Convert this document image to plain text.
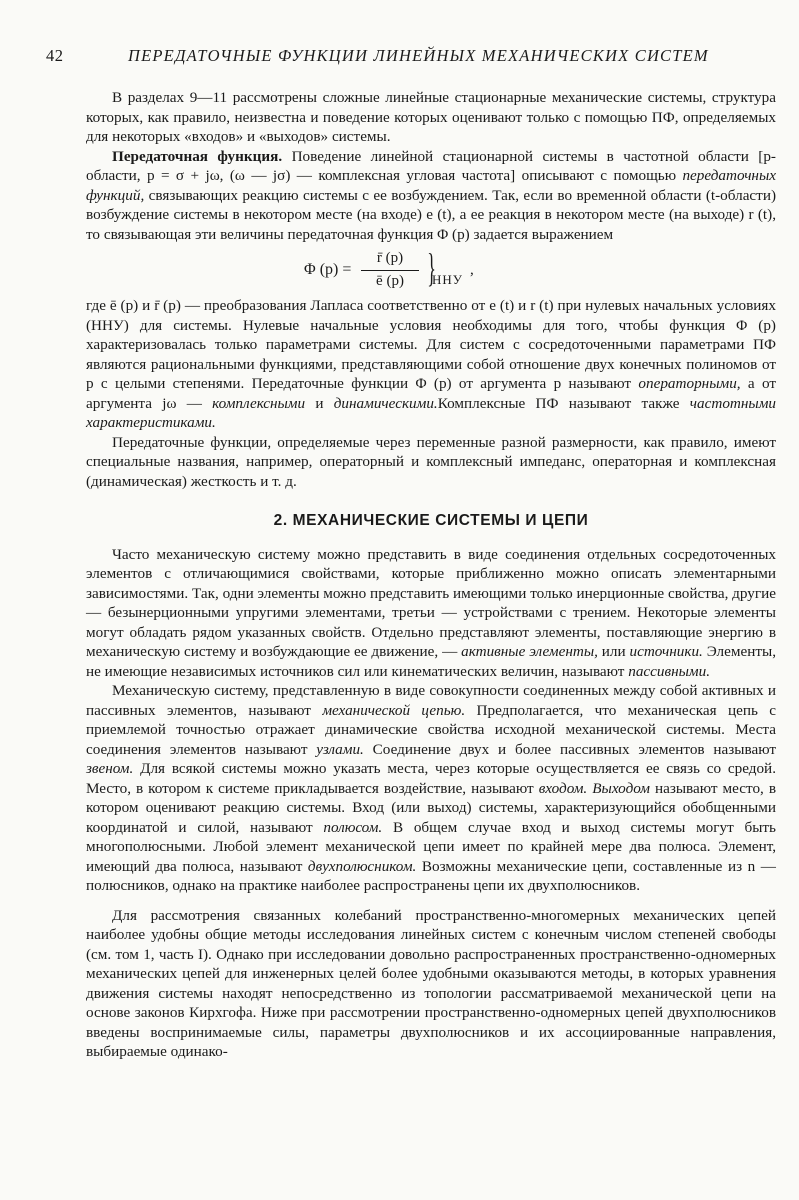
42	ПЕРЕДАТОЧНЫЕ ФУНКЦИИ ЛИНЕЙНЫХ МЕХАНИЧЕСКИХ СИСТЕМ

В разделах 9—11 рассмотрены сложные линейные стационарные механические системы, структура которых, как правило, неизвестна и поведение которых оценивают только с помощью ПФ, определяемых для некоторых «входов» и «выходов» системы.

Передаточная функция. Поведение линейной стационарной системы в частотной области [p-области, p = σ + jω, (ω — jσ) — комплексная угловая частота] описывают с помощью передаточных функций, связывающих реакцию системы с ее возбуждением. Так, если во временной области (t-области) возбуждение системы в некотором месте (на входе) e (t), а ее реакция в некотором месте (на выходе) r (t), то связывающая эти величины передаточная функция Φ (p) задается выражением

Φ $(p) = \frac{r̄ (p)}{ē (p)}$ }
ННУ
,

где ē (p) и r̄ (p) — преобразования Лапласа соответственно от e (t) и r (t) при нулевых начальных условиях (ННУ) для системы. Нулевые начальные условия необходимы для того, чтобы функция Φ (p) характеризовалась только параметрами системы. Для систем с сосредоточенными параметрами ПФ являются рациональными функциями, представляющими собой отношение двух конечных полиномов от p с целыми степенями. Передаточные функции Φ (p) от аргумента p называют операторными, а от аргумента jω — комплексными и динамическими.Комплексные ПФ называют также частотными характеристиками.

Передаточные функции, определяемые через переменные разной размерности, как правило, имеют специальные названия, например, операторный и комплексный импеданс, операторная и комплексная (динамическая) жесткость и т. д.

2. МЕХАНИЧЕСКИЕ СИСТЕМЫ И ЦЕПИ

Часто механическую систему можно представить в виде соединения отдельных сосредоточенных элементов с отличающимися свойствами, которые приближенно можно описать элементарными зависимостями. Так, одни элементы можно представить имеющими только инерционные свойства, другие — безынерционными упругими элементами, третьи — устройствами с трением. Некоторые элементы могут обладать рядом указанных свойств. Отдельно представляют элементы, поставляющие энергию в механическую систему и возбуждающие ее движение, — активные элементы, или источники. Элементы, не имеющие независимых источников сил или кинематических величин, называют пассивными.

Механическую систему, представленную в виде совокупности соединенных между собой активных и пассивных элементов, называют механической цепью. Предполагается, что механическая цепь с приемлемой точностью отражает динамические свойства исходной механической системы. Места соединения элементов называют узлами. Соединение двух и более пассивных элементов называют звеном. Для всякой системы можно указать места, через которые осуществляется ее связь со средой. Место, в котором к системе прикладывается воздействие, называют входом. Выходом называют место, в котором оценивают реакцию системы. Вход (или выход) системы, характеризующийся обобщенными координатой и силой, называют полюсом. В общем случае вход и выход системы могут быть многополюсными. Любой элемент механической цепи имеет по крайней мере два полюса. Элемент, имеющий два полюса, называют двухполюсником. Возможны механические цепи, составленные из n — полюсников, однако на практике наиболее распространены цепи их двухполюсников.

Для рассмотрения связанных колебаний пространственно-многомерных механических цепей наиболее удобны общие методы исследования линейных систем с конечным числом степеней свободы (см. том 1, часть I). Однако при исследовании довольно распространенных пространственно-одномерных механических цепей для инженерных целей более удобными оказываются методы, в которых уравнения движения системы находят непосредственно из топологии рассматриваемой механической цепи на основе законов Кирхгофа. Ниже при рассмотрении пространственно-одномерных цепей двухполюсников введены воспринимаемые силы, параметры двухполюсников и их ассоциированные направления, выбираемые одинако-
